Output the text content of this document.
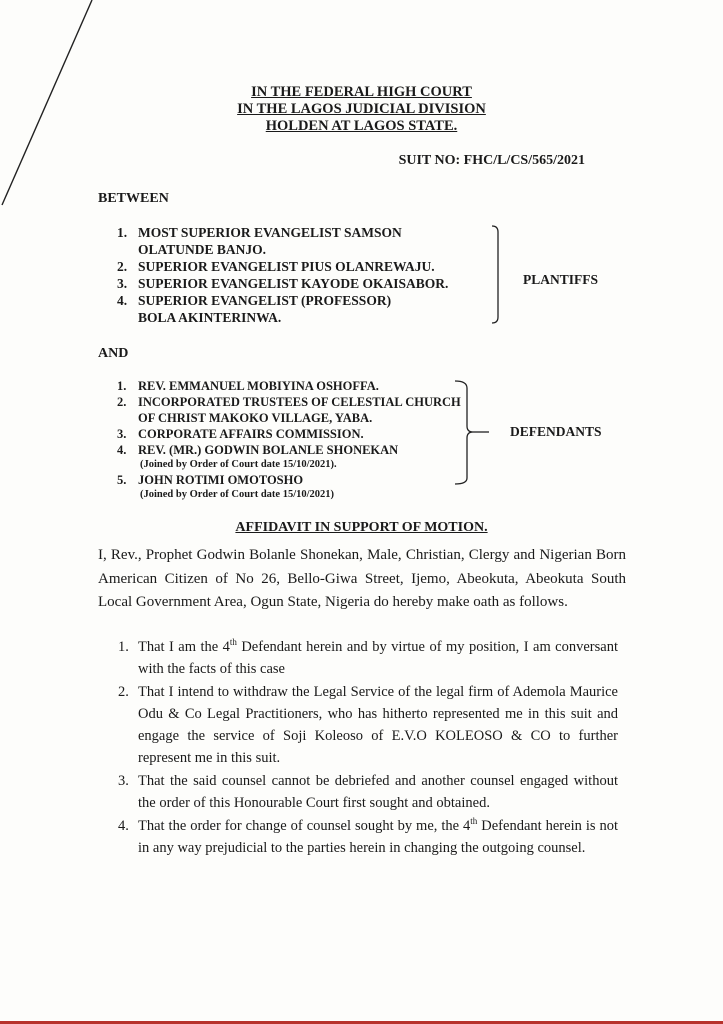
IN THE FEDERAL HIGH COURT
IN THE LAGOS JUDICIAL DIVISION
HOLDEN AT LAGOS STATE.
SUIT NO: FHC/L/CS/565/2021
BETWEEN
1. MOST SUPERIOR EVANGELIST SAMSON OLATUNDE BANJO.
2. SUPERIOR EVANGELIST PIUS OLANREWAJU.
3. SUPERIOR EVANGELIST KAYODE OKAISABOR.
4. SUPERIOR EVANGELIST (PROFESSOR) BOLA AKINTERINWA.
PLANTIFFS
AND
1. REV. EMMANUEL MOBIYINA OSHOFFA.
2. INCORPORATED TRUSTEES OF CELESTIAL CHURCH OF CHRIST MAKOKO VILLAGE, YABA.
3. CORPORATE AFFAIRS COMMISSION.
4. REV. (MR.) GODWIN BOLANLE SHONEKAN
(Joined by Order of Court date 15/10/2021).
5. JOHN ROTIMI OMOTOSHO
(Joined by Order of Court date 15/10/2021)
DEFENDANTS
AFFIDAVIT IN SUPPORT OF MOTION.

I, Rev., Prophet Godwin Bolanle Shonekan, Male, Christian, Clergy and Nigerian Born American Citizen of No 26, Bello-Giwa Street, Ijemo, Abeokuta, Abeokuta South Local Government Area, Ogun State, Nigeria do hereby make oath as follows.

1. That I am the 4th Defendant herein and by virtue of my position, I am conversant with the facts of this case
2. That I intend to withdraw the Legal Service of the legal firm of Ademola Maurice Odu & Co Legal Practitioners, who has hitherto represented me in this suit and engage the service of Soji Koleoso of E.V.O KOLEOSO & CO to further represent me in this suit.
3. That the said counsel cannot be debriefed and another counsel engaged without the order of this Honourable Court first sought and obtained.
4. That the order for change of counsel sought by me, the 4th Defendant herein is not in any way prejudicial to the parties herein in changing the outgoing counsel.
